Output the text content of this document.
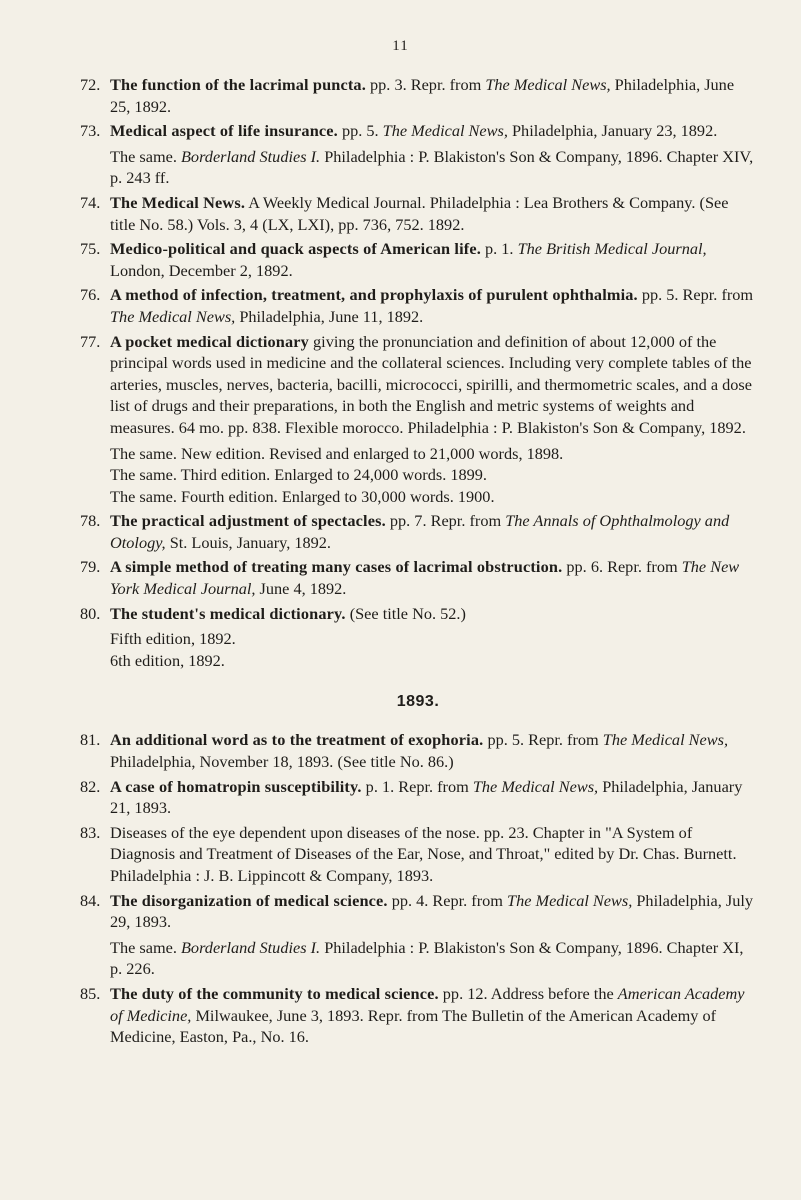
11
72. The function of the lacrimal puncta. pp. 3. Repr. from The Medical News, Philadelphia, June 25, 1892.
73. Medical aspect of life insurance. pp. 5. The Medical News, Philadelphia, January 23, 1892.
The same. Borderland Studies I. Philadelphia : P. Blakiston's Son & Company, 1896. Chapter XIV, p. 243 ff.
74. The Medical News. A Weekly Medical Journal. Philadelphia : Lea Brothers & Company. (See title No. 58.) Vols. 3, 4 (LX, LXI), pp. 736, 752. 1892.
75. Medico-political and quack aspects of American life. p. 1. The British Medical Journal, London, December 2, 1892.
76. A method of infection, treatment, and prophylaxis of purulent ophthalmia. pp. 5. Repr. from The Medical News, Philadelphia, June 11, 1892.
77. A pocket medical dictionary giving the pronunciation and definition of about 12,000 of the principal words used in medicine and the collateral sciences. Including very complete tables of the arteries, muscles, nerves, bacteria, bacilli, micrococci, spirilli, and thermometric scales, and a dose list of drugs and their preparations, in both the English and metric systems of weights and measures. 64 mo. pp. 838. Flexible morocco. Philadelphia : P. Blakiston's Son & Company, 1892.
The same. New edition. Revised and enlarged to 21,000 words, 1898.
The same. Third edition. Enlarged to 24,000 words. 1899.
The same. Fourth edition. Enlarged to 30,000 words. 1900.
78. The practical adjustment of spectacles. pp. 7. Repr. from The Annals of Ophthalmology and Otology, St. Louis, January, 1892.
79. A simple method of treating many cases of lacrimal obstruction. pp. 6. Repr. from The New York Medical Journal, June 4, 1892.
80. The student's medical dictionary. (See title No. 52.)
Fifth edition, 1892.
6th edition, 1892.
1893.
81. An additional word as to the treatment of exophoria. pp. 5. Repr. from The Medical News, Philadelphia, November 18, 1893. (See title No. 86.)
82. A case of homatropin susceptibility. p. 1. Repr. from The Medical News, Philadelphia, January 21, 1893.
83. Diseases of the eye dependent upon diseases of the nose. pp. 23. Chapter in "A System of Diagnosis and Treatment of Diseases of the Ear, Nose, and Throat," edited by Dr. Chas. Burnett. Philadelphia : J. B. Lippincott & Company, 1893.
84. The disorganization of medical science. pp. 4. Repr. from The Medical News, Philadelphia, July 29, 1893.
The same. Borderland Studies I. Philadelphia : P. Blakiston's Son & Company, 1896. Chapter XI, p. 226.
85. The duty of the community to medical science. pp. 12. Address before the American Academy of Medicine, Milwaukee, June 3, 1893. Repr. from The Bulletin of the American Academy of Medicine, Easton, Pa., No. 16.
